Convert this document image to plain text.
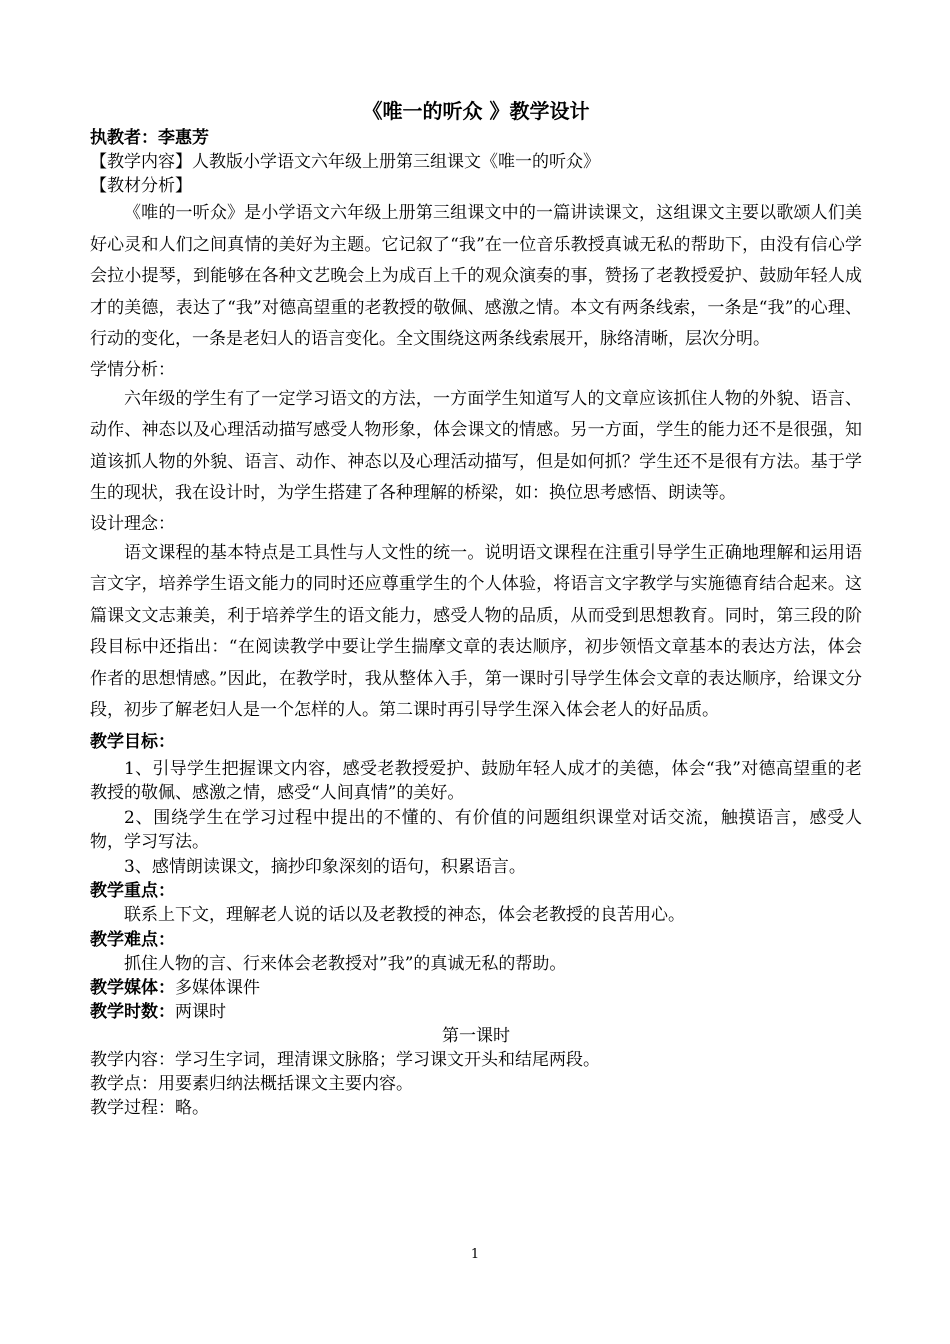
《唯一的听众 》教学设计

执教者：李惠芳

【教学内容】人教版小学语文六年级上册第三组课文《唯一的听众》

【教材分析】

《唯的一听众》是小学语文六年级上册第三组课文中的一篇讲读课文，这组课文主要以歌颂人们美好心灵和人们之间真情的美好为主题。它记叙了“我”在一位音乐教授真诚无私的帮助下，由没有信心学会拉小提琴，到能够在各种文艺晚会上为成百上千的观众演奏的事，赞扬了老教授爱护、鼓励年轻人成才的美德，表达了“我”对德高望重的老教授的敬佩、感激之情。本文有两条线索，一条是“我”的心理、行动的变化，一条是老妇人的语言变化。全文围绕这两条线索展开，脉络清晰，层次分明。

学情分析：

六年级的学生有了一定学习语文的方法，一方面学生知道写人的文章应该抓住人物的外貌、语言、动作、神态以及心理活动描写感受人物形象，体会课文的情感。另一方面，学生的能力还不是很强，知道该抓人物的外貌、语言、动作、神态以及心理活动描写，但是如何抓？学生还不是很有方法。基于学生的现状，我在设计时，为学生搭建了各种理解的桥梁，如：换位思考感悟、朗读等。

设计理念：

语文课程的基本特点是工具性与人文性的统一。说明语文课程在注重引导学生正确地理解和运用语言文字，培养学生语文能力的同时还应尊重学生的个人体验，将语言文字教学与实施德育结合起来。这篇课文文志兼美，利于培养学生的语文能力，感受人物的品质，从而受到思想教育。同时，第三段的阶段目标中还指出：“在阅读教学中要让学生揣摩文章的表达顺序，初步领悟文章基本的表达方法，体会作者的思想情感。”因此，在教学时，我从整体入手，第一课时引导学生体会文章的表达顺序，给课文分段，初步了解老妇人是一个怎样的人。第二课时再引导学生深入体会老人的好品质。

教学目标：

1、引导学生把握课文内容，感受老教授爱护、鼓励年轻人成才的美德，体会“我”对德高望重的老教授的敬佩、感激之情，感受“人间真情”的美好。

2、围绕学生在学习过程中提出的不懂的、有价值的问题组织课堂对话交流，触摸语言，感受人物，学习写法。

3、感情朗读课文，摘抄印象深刻的语句，积累语言。

教学重点：

联系上下文，理解老人说的话以及老教授的神态，体会老教授的良苦用心。

教学难点：

抓住人物的言、行来体会老教授对”我”的真诚无私的帮助。

教学媒体：多媒体课件

教学时数：两课时

第一课时

教学内容：学习生字词，理清课文脉胳；学习课文开头和结尾两段。

教学点：用要素归纳法概括课文主要内容。

教学过程：略。

1
